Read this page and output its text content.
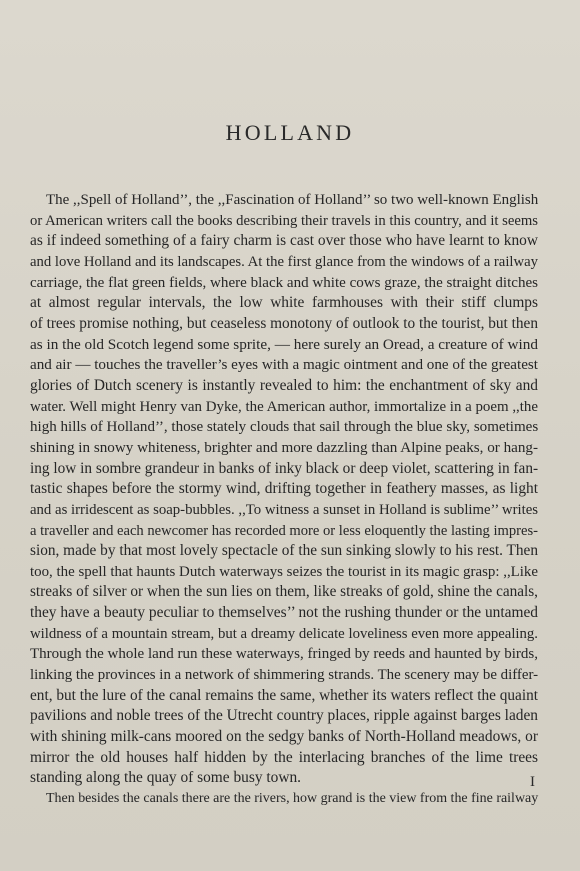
HOLLAND
The ,,Spell of Holland’’, the ,,Fascination of Holland’’ so two well-known English
or American writers call the books describing their travels in this country, and it seems
as if indeed something of a fairy charm is cast over those who have learnt to know
and love Holland and its landscapes. At the first glance from the windows of a railway
carriage, the flat green fields, where black and white cows graze, the straight ditches
at almost regular intervals, the low white farmhouses with their stiff clumps
of trees promise nothing, but ceaseless monotony of outlook to the tourist, but then
as in the old Scotch legend some sprite, — here surely an Oread, a creature of wind
and air — touches the traveller’s eyes with a magic ointment and one of the greatest
glories of Dutch scenery is instantly revealed to him: the enchantment of sky and
water. Well might Henry van Dyke, the American author, immortalize in a poem ,,the
high hills of Holland’’, those stately clouds that sail through the blue sky, sometimes
shining in snowy whiteness, brighter and more dazzling than Alpine peaks, or hang-
ing low in sombre grandeur in banks of inky black or deep violet, scattering in fan-
tastic shapes before the stormy wind, drifting together in feathery masses, as light
and as irridescent as soap-bubbles. ,,To witness a sunset in Holland is sublime’’ writes
a traveller and each newcomer has recorded more or less eloquently the lasting impres-
sion, made by that most lovely spectacle of the sun sinking slowly to his rest. Then
too, the spell that haunts Dutch waterways seizes the tourist in its magic grasp: ,,Like
streaks of silver or when the sun lies on them, like streaks of gold, shine the canals,
they have a beauty peculiar to themselves’’ not the rushing thunder or the untamed
wildness of a mountain stream, but a dreamy delicate loveliness even more appealing.
Through the whole land run these waterways, fringed by reeds and haunted by birds,
linking the provinces in a network of shimmering strands. The scenery may be differ-
ent, but the lure of the canal remains the same, whether its waters reflect the quaint
pavilions and noble trees of the Utrecht country places, ripple against barges laden
with shining milk-cans moored on the sedgy banks of North-Holland meadows, or
mirror the old houses half hidden by the interlacing branches of the lime trees
standing along the quay of some busy town.
Then besides the canals there are the rivers, how grand is the view from the fine railway
I
